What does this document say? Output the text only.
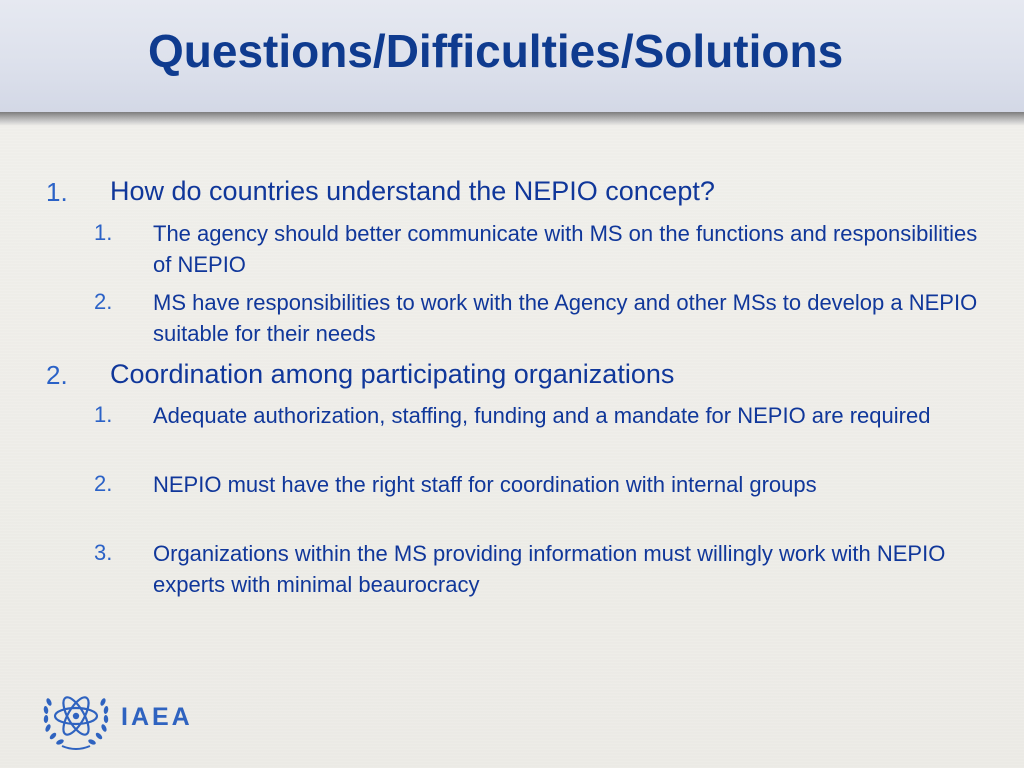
Questions/Difficulties/Solutions
1. How do countries understand the NEPIO concept?
1. The agency should better communicate with MS on the functions and responsibilities of NEPIO
2. MS have responsibilities to work with the Agency and other MSs to develop a NEPIO suitable for their needs
2. Coordination among participating organizations
1. Adequate authorization, staffing, funding and a mandate for NEPIO are required
2. NEPIO must have the right staff for coordination with internal groups
3. Organizations within the MS providing information must willingly work with NEPIO experts with minimal beaurocracy
IAEA
